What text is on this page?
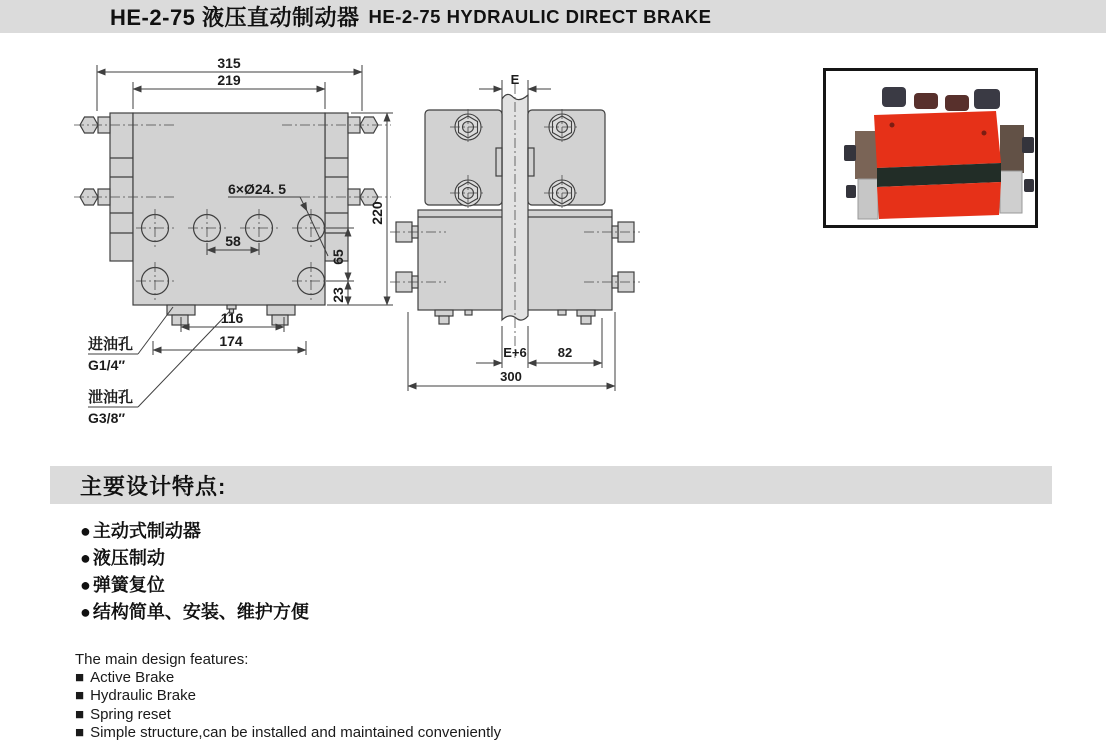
HE-2-75 液压直动制动器 HE-2-75 HYDRAULIC DIRECT BRAKE
315
219
220
6×Ø24. 5
58
65
23
116
174
进油孔
G1/4″
泄油孔
G3/8″
E
E+6 82
300
主要设计特点:
● 主动式制动器
● 液压制动
● 弹簧复位
● 结构简单、安装、维护方便
The main design features:
■ Active Brake
■ Hydraulic Brake
■ Spring reset
■ Simple structure,can be installed and maintained conveniently
